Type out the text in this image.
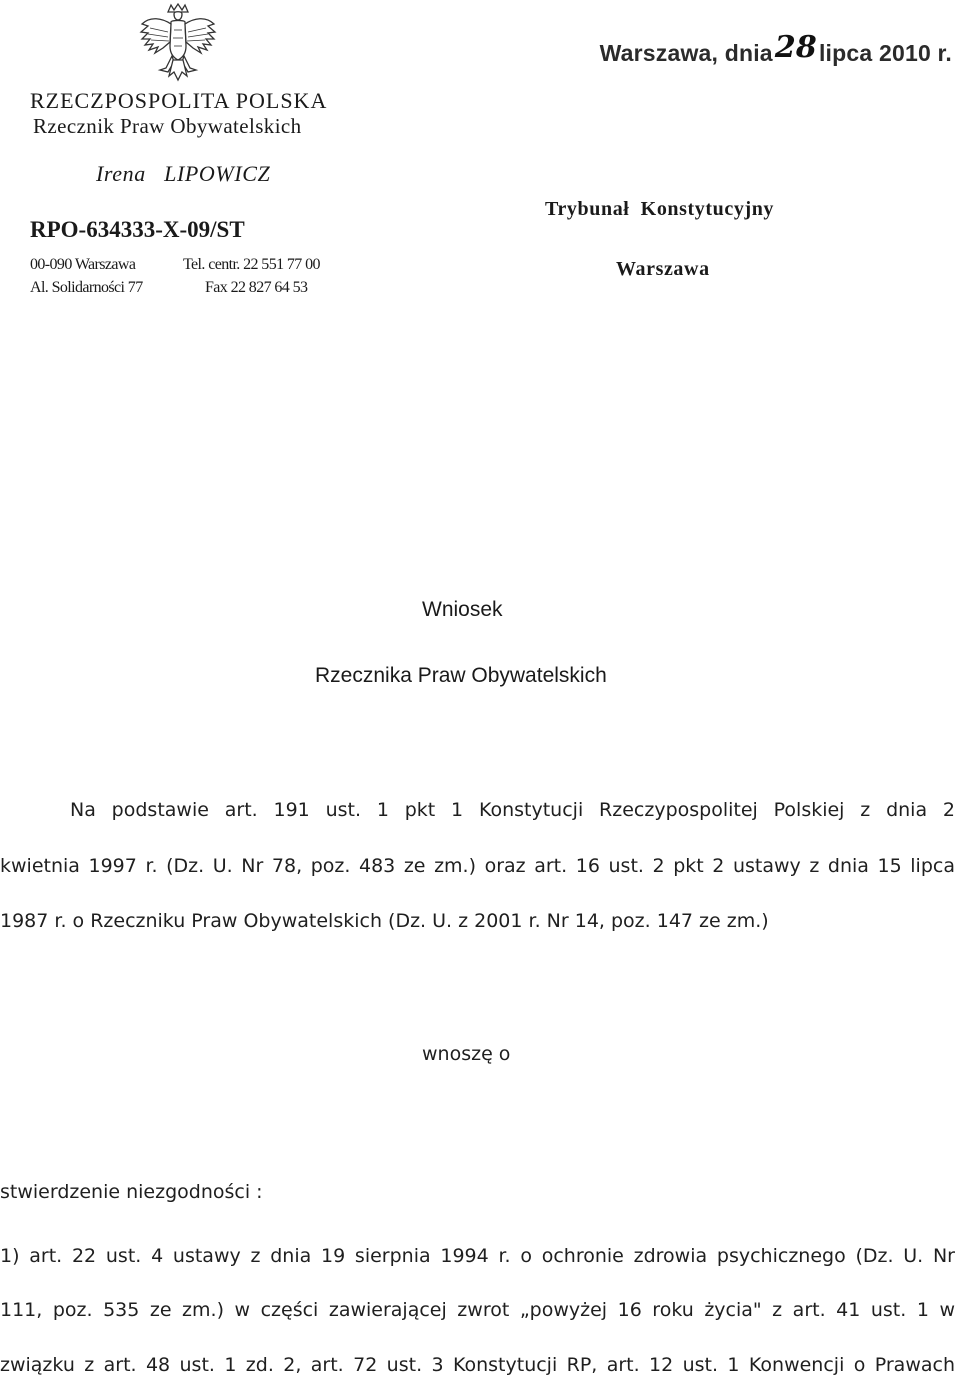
Warszawa, dnia28lipca 2010 r.
RZECZPOSPOLITA POLSKA
Rzecznik Praw Obywatelskich
Irena   LIPOWICZ
RPO-634333-X-09/ST
00-090 Warszawa	Tel. centr. 22 551 77 00
Al. Solidarności 77	Fax 22 827 64 53
Trybunał  Konstytucyjny
Warszawa
Wniosek
Rzecznika Praw Obywatelskich
Na podstawie art. 191 ust. 1 pkt 1 Konstytucji Rzeczypospolitej Polskiej z dnia 2
kwietnia 1997 r. (Dz. U. Nr 78, poz. 483 ze zm.) oraz art. 16 ust. 2 pkt 2 ustawy z dnia 15 lipca
1987 r. o Rzeczniku Praw Obywatelskich (Dz. U. z 2001 r. Nr 14, poz. 147 ze zm.)
wnoszę o
stwierdzenie niezgodności :
1) art. 22 ust. 4 ustawy z dnia 19 sierpnia 1994 r. o ochronie zdrowia psychicznego (Dz. U. Nr
111, poz. 535 ze zm.) w części zawierającej zwrot „powyżej 16 roku życia" z art. 41 ust. 1 w
związku z art. 48 ust. 1 zd. 2, art. 72 ust. 3 Konstytucji RP, art. 12 ust. 1 Konwencji o Prawach
